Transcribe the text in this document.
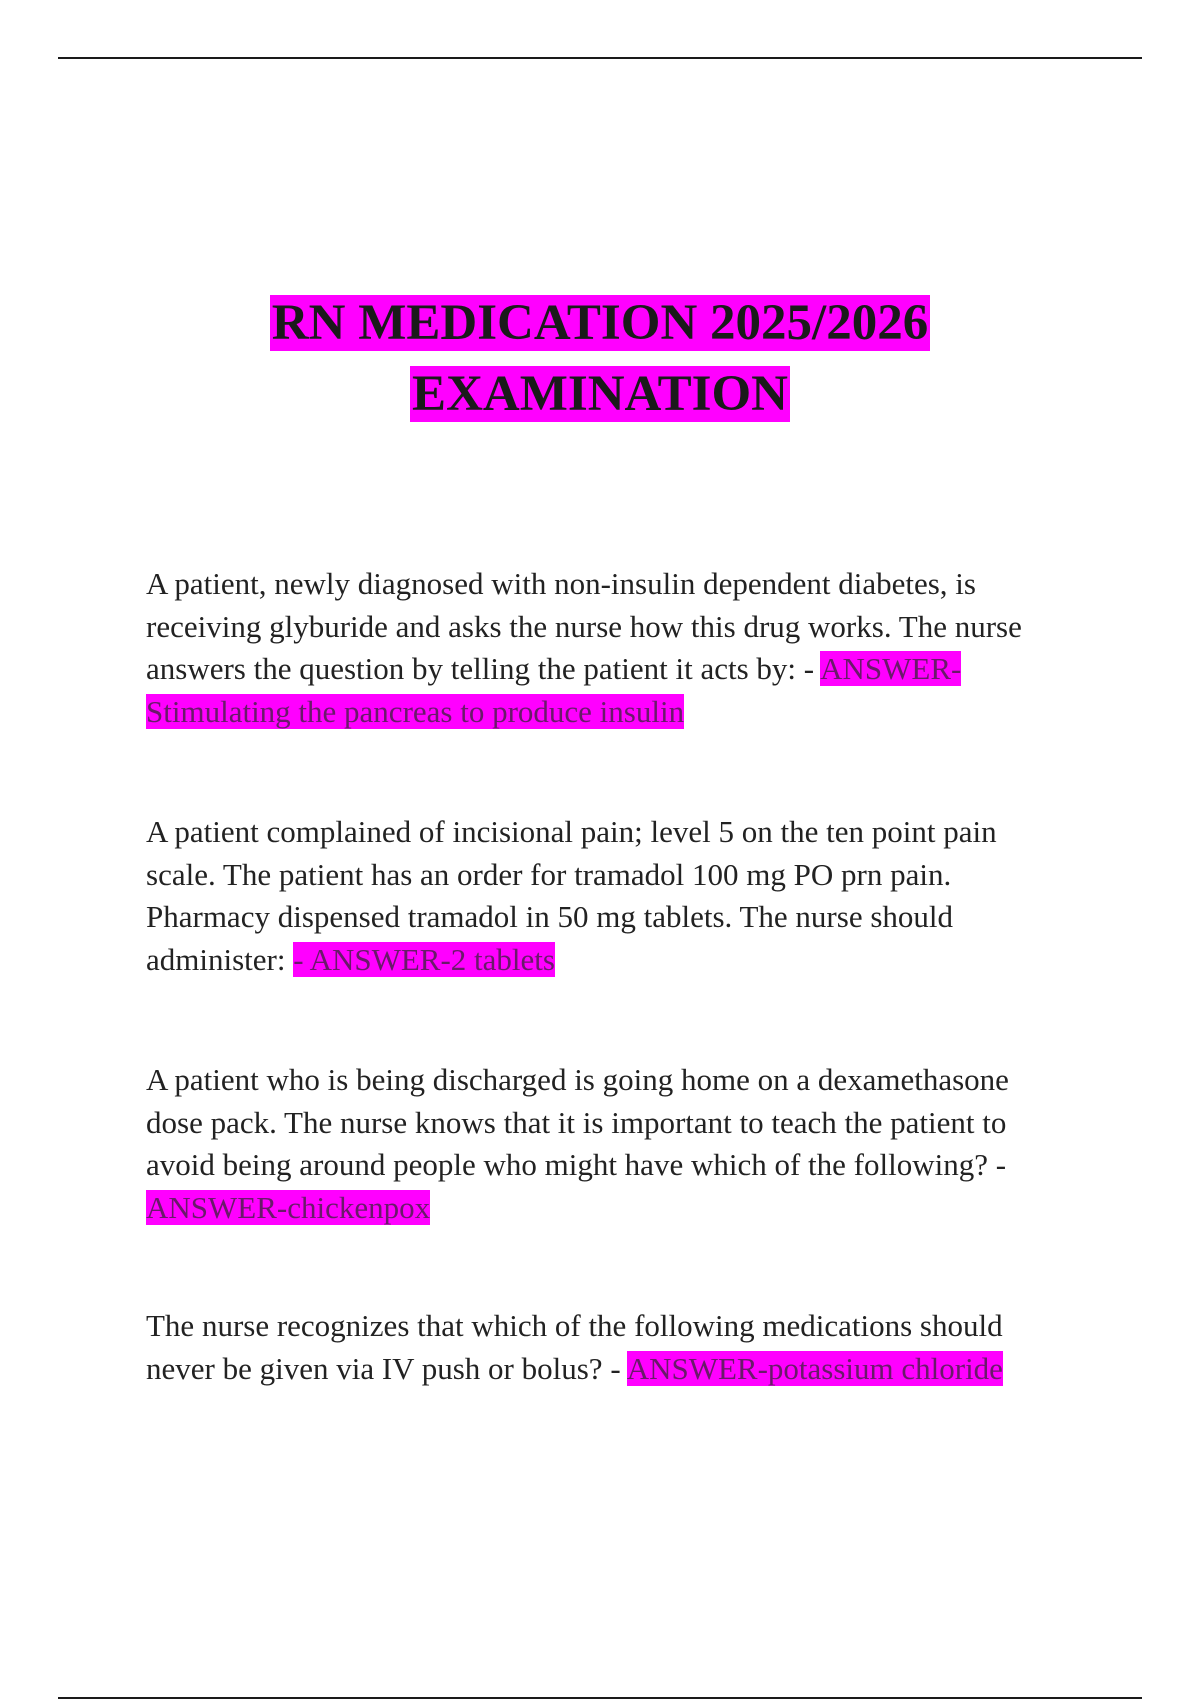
RN MEDICATION 2025/2026
EXAMINATION

A patient, newly diagnosed with non-insulin dependent diabetes, is receiving glyburide and asks the nurse how this drug works. The nurse answers the question by telling the patient it acts by: - ANSWER-Stimulating the pancreas to produce insulin

A patient complained of incisional pain; level 5 on the ten point pain scale. The patient has an order for tramadol 100 mg PO prn pain. Pharmacy dispensed tramadol in 50 mg tablets. The nurse should administer: - ANSWER-2 tablets

A patient who is being discharged is going home on a dexamethasone dose pack. The nurse knows that it is important to teach the patient to avoid being around people who might have which of the following? - ANSWER-chickenpox

The nurse recognizes that which of the following medications should never be given via IV push or bolus? - ANSWER-potassium chloride
